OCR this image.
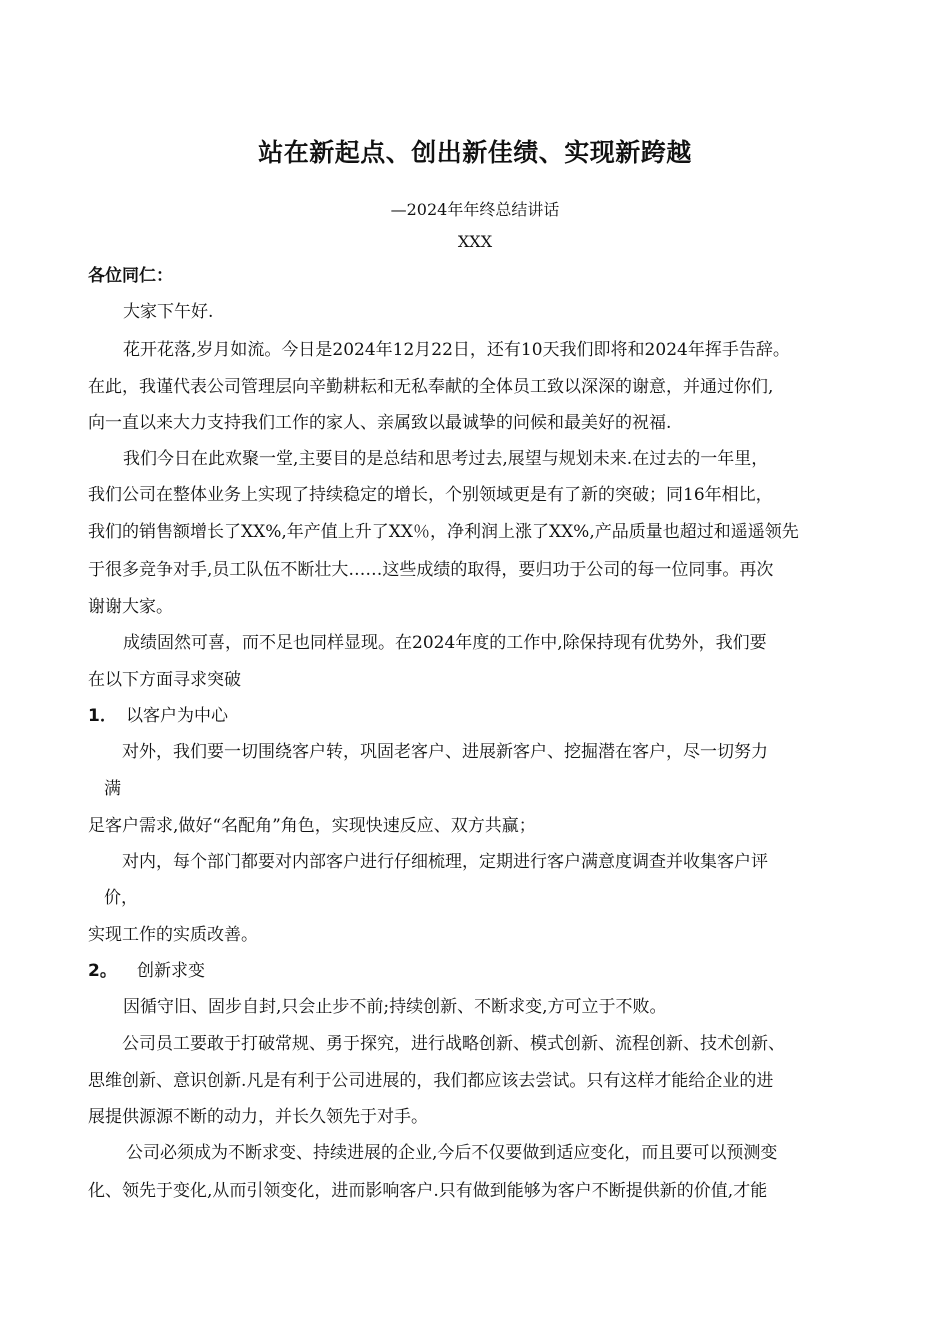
站在新起点、创出新佳绩、实现新跨越
—2024年年终总结讲话
XXX
各位同仁：
大家下午好.
花开花落,岁月如流。今日是2024年12月22日，还有10天我们即将和2024年挥手告辞。
在此，我谨代表公司管理层向辛勤耕耘和无私奉献的全体员工致以深深的谢意，并通过你们,
向一直以来大力支持我们工作的家人、亲属致以最诚挚的问候和最美好的祝福.
我们今日在此欢聚一堂,主要目的是总结和思考过去,展望与规划未来.在过去的一年里，
我们公司在整体业务上实现了持续稳定的增长，个别领域更是有了新的突破；同16年相比，
我们的销售额增长了XX%,年产值上升了XX％，净利润上涨了XX%,产品质量也超过和遥遥领先
于很多竞争对手,员工队伍不断壮大……这些成绩的取得，要归功于公司的每一位同事。再次
谢谢大家。
成绩固然可喜，而不足也同样显现。在2024年度的工作中,除保持现有优势外，我们要
在以下方面寻求突破
1． 以客户为中心
对外，我们要一切围绕客户转，巩固老客户、进展新客户、挖掘潜在客户，尽一切努力
满
足客户需求,做好“名配角”角色，实现快速反应、双方共赢；
对内，每个部门都要对内部客户进行仔细梳理，定期进行客户满意度调查并收集客户评
价，
实现工作的实质改善。
2。 创新求变
因循守旧、固步自封,只会止步不前;持续创新、不断求变,方可立于不败。
公司员工要敢于打破常规、勇于探究，进行战略创新、模式创新、流程创新、技术创新、
思维创新、意识创新.凡是有利于公司进展的，我们都应该去尝试。只有这样才能给企业的进
展提供源源不断的动力，并长久领先于对手。
公司必须成为不断求变、持续进展的企业,今后不仅要做到适应变化，而且要可以预测变
化、领先于变化,从而引领变化，进而影响客户.只有做到能够为客户不断提供新的价值,才能
